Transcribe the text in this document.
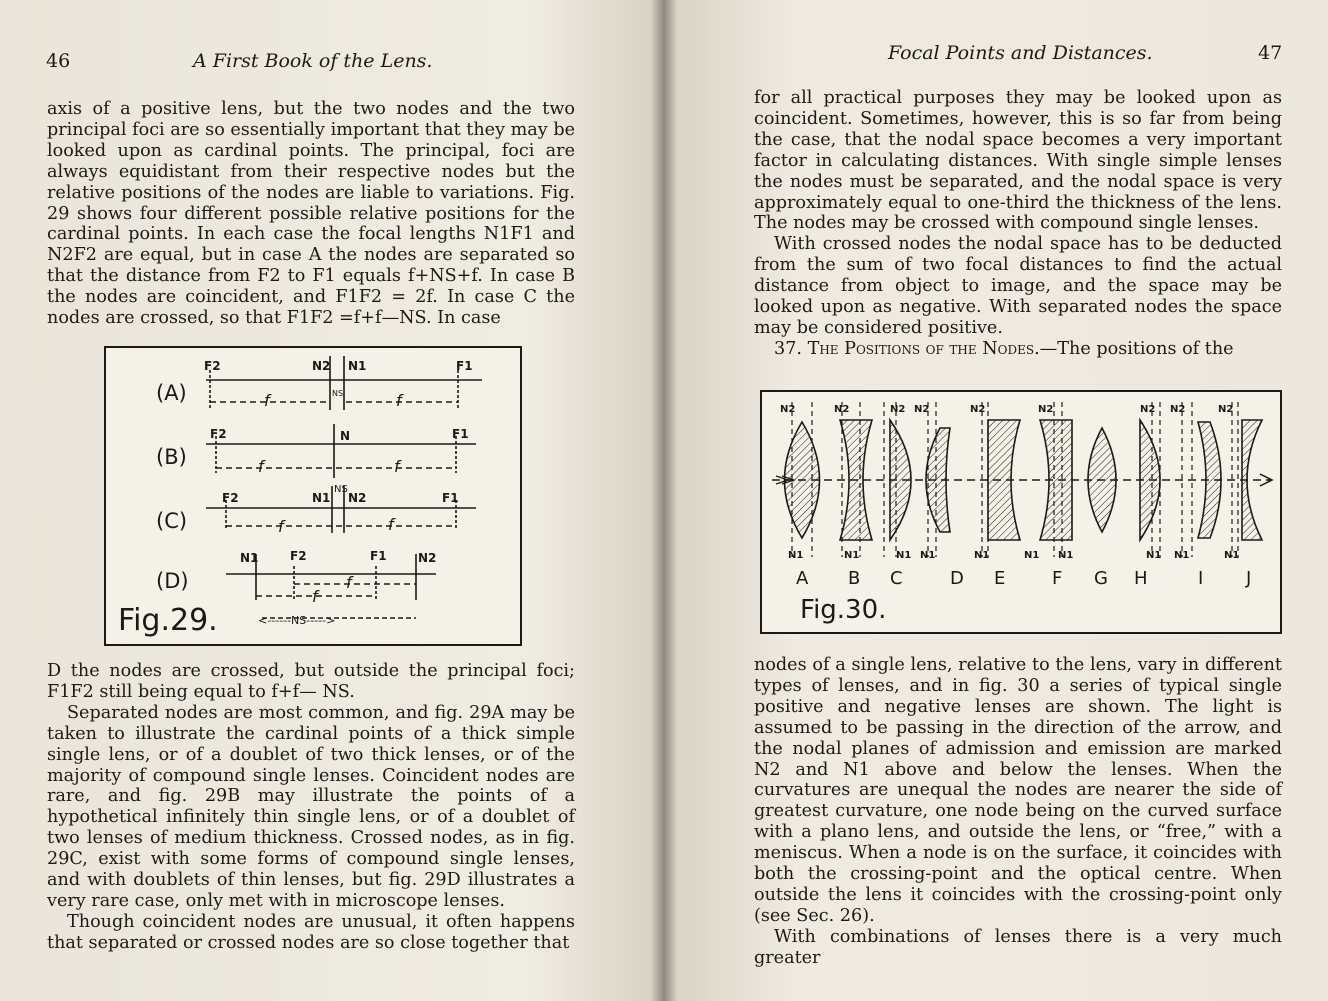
46	A First Book of the Lens.

axis of a positive lens, but the two nodes and the two principal foci are so essentially important that they may be looked upon as cardinal points. The principal, foci are always equidistant from their respective nodes but the relative positions of the nodes are liable to variations. Fig. 29 shows four different possible relative positions for the cardinal points. In each case the focal lengths N1F1 and N2F2 are equal, but in case A the nodes are separated so that the distance from F2 to F1 equals f+NS+f. In case B the nodes are coincident, and F1F2 = 2f. In case C the nodes are crossed, so that F1F2 =f+f—NS. In case

F2	N2 N1	F1
f	f
NS
F2	N	F1
f	f
F2	N1
NS
N2	F1
f	f
N1	F2	F1	N2
f
f
<------NS----->
(A)
(B)
(C)
(D)
Fig.29.

D the nodes are crossed, but outside the principal foci; F1F2 still being equal to f+f— NS.

Separated nodes are most common, and fig. 29A may be taken to illustrate the cardinal points of a thick simple single lens, or of a doublet of two thick lenses, or of the majority of compound single lenses. Coincident nodes are rare, and fig. 29B may illustrate the points of a hypothetical infinitely thin single lens, or of a doublet of two lenses of medium thickness. Crossed nodes, as in fig. 29C, exist with some forms of compound single lenses, and with doublets of thin lenses, but fig. 29D illustrates a very rare case, only met with in microscope lenses.

Though coincident nodes are unusual, it often happens that separated or crossed nodes are so close together that

Focal Points and Distances.	47

for all practical purposes they may be looked upon as coincident. Sometimes, however, this is so far from being the case, that the nodal space becomes a very important factor in calculating distances. With single simple lenses the nodes must be separated, and the nodal space is very approximately equal to one-third the thickness of the lens. The nodes may be crossed with compound single lenses.

With crossed nodes the nodal space has to be deducted from the sum of two focal distances to find the actual distance from object to image, and the space may be looked upon as negative. With separated nodes the space may be considered positive.

37. The Positions of the Nodes.—The positions of the

N2	N2	N2 N2	N2	N2	N2 N2	N2
N1	N1	N1 N1	N1	N1 N1	N1 N1	N1
A B C	D E	F G H	I J
Fig.30.

nodes of a single lens, relative to the lens, vary in different types of lenses, and in fig. 30 a series of typical single positive and negative lenses are shown. The light is assumed to be passing in the direction of the arrow, and the nodal planes of admission and emission are marked N2 and N1 above and below the lenses. When the curvatures are unequal the nodes are nearer the side of greatest curvature, one node being on the curved surface with a plano lens, and outside the lens, or “free,” with a meniscus. When a node is on the surface, it coincides with both the crossing-point and the optical centre. When outside the lens it coincides with the crossing-point only (see Sec. 26).

With combinations of lenses there is a very much greater
